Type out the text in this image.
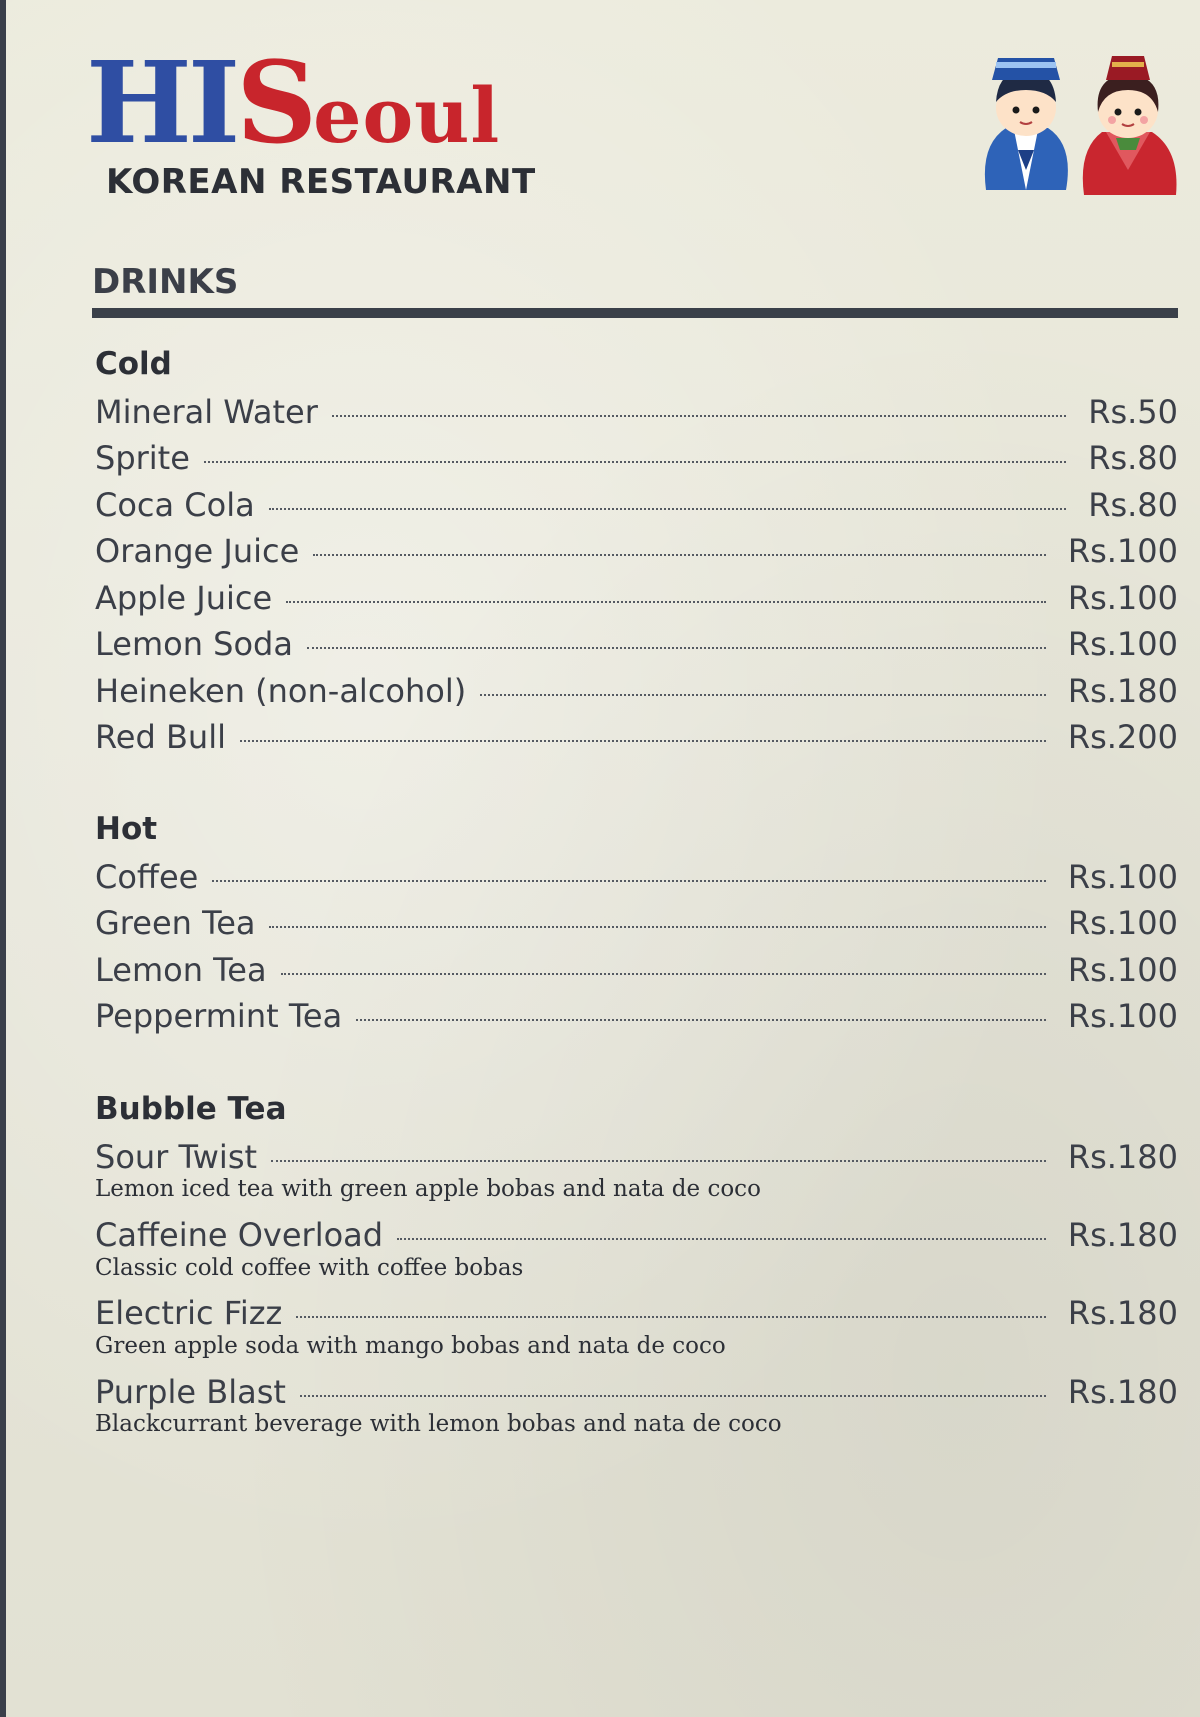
HISeoul
KOREAN RESTAURANT
DRINKS
Cold
Mineral Water	Rs.50
Sprite	Rs.80
Coca Cola	Rs.80
Orange Juice	Rs.100
Apple Juice	Rs.100
Lemon Soda	Rs.100
Heineken (non-alcohol)	Rs.180
Red Bull	Rs.200
Hot
Coffee	Rs.100
Green Tea	Rs.100
Lemon Tea	Rs.100
Peppermint Tea	Rs.100
Bubble Tea
Sour Twist	Rs.180
Lemon iced tea with green apple bobas and nata de coco
Caffeine Overload	Rs.180
Classic cold coffee with coffee bobas
Electric Fizz	Rs.180
Green apple soda with mango bobas and nata de coco
Purple Blast	Rs.180
Blackcurrant beverage with lemon bobas and nata de coco
